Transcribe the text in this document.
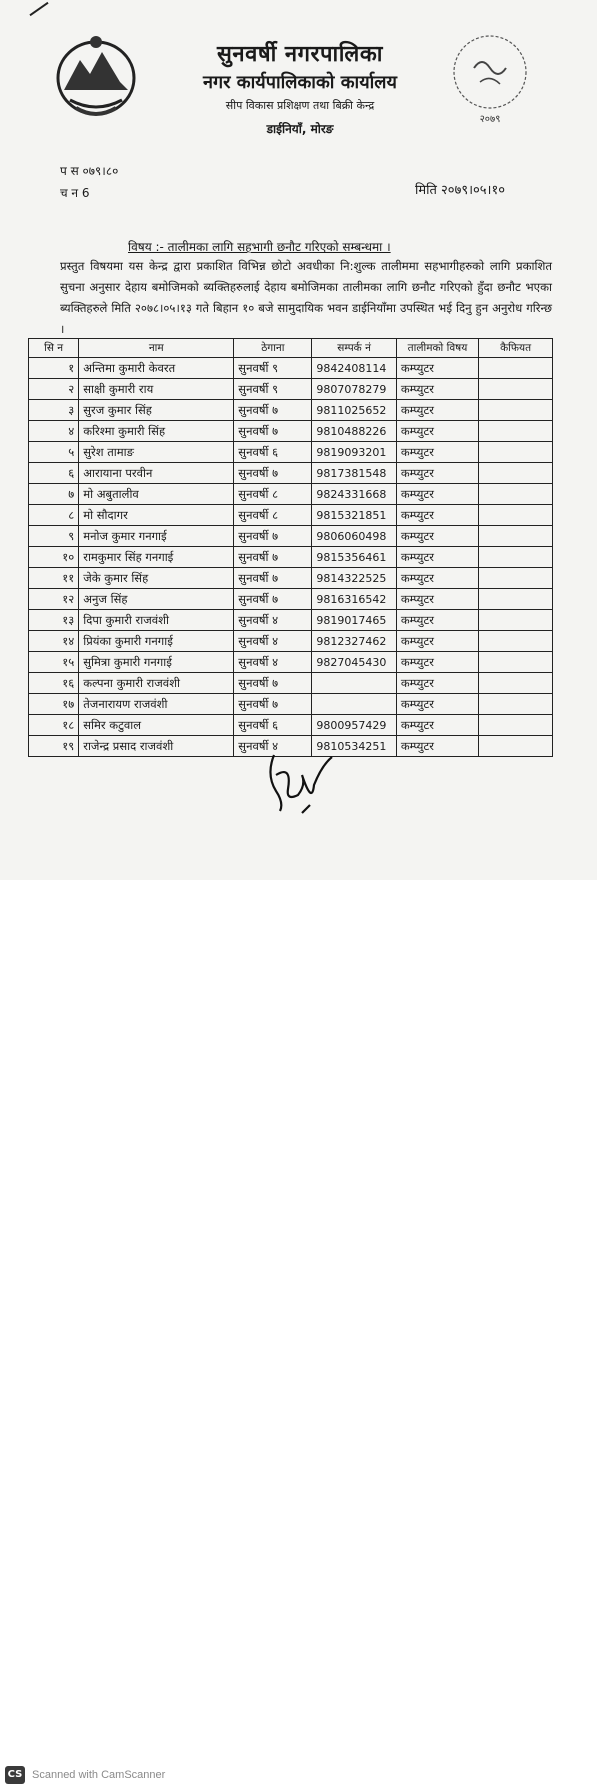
सुनवर्षी नगरपालिका
नगर कार्यपालिकाको कार्यालय
सीप विकास प्रशिक्षण तथा बिक्री केन्द्र
डाईनियाँ, मोरङ
२०७९
प स ०७९।८०
च न 6	मिति २०७९।०५।१०
विषय :- तालीमका लागि सहभागी छनौट गरिएको सम्बन्धमा ।
प्रस्तुत विषयमा यस केन्द्र द्वारा प्रकाशित विभिन्न छोटो अवधीका नि:शुल्क तालीममा सहभागीहरुको लागि प्रकाशित सुचना अनुसार देहाय बमोजिमको ब्यक्तिहरुलाई देहाय बमोजिमका तालीमका लागि छनौट गरिएको हुँदा छनौट भएका ब्यक्तिहरुले मिति २०७८।०५।१३ गते बिहान १० बजे सामुदायिक भवन डाईनियाँमा उपस्थित भई दिनु हुन अनुरोध गरिन्छ ।
सि न	नाम	ठेगाना	सम्पर्क नं	तालीमको विषय	कैफियत
१	अन्तिमा कुमारी केवरत	सुनवर्षी ९	9842408114	कम्प्युटर	
२	साक्षी कुमारी राय	सुनवर्षी ९	9807078279	कम्प्युटर	
३	सुरज कुमार सिंह	सुनवर्षी ७	9811025652	कम्प्युटर	
४	करिश्मा कुमारी सिंह	सुनवर्षी ७	9810488226	कम्प्युटर	
५	सुरेश तामाङ	सुनवर्षी ६	9819093201	कम्प्युटर	
६	आरायाना परवीन	सुनवर्षी ७	9817381548	कम्प्युटर	
७	मो अबुतालीव	सुनवर्षी ८	9824331668	कम्प्युटर	
८	मो सौदागर	सुनवर्षी ८	9815321851	कम्प्युटर	
९	मनोज कुमार गनगाई	सुनवर्षी ७	9806060498	कम्प्युटर	
१०	रामकुमार सिंह गनगाई	सुनवर्षी ७	9815356461	कम्प्युटर	
११	जेके कुमार सिंह	सुनवर्षी ७	9814322525	कम्प्युटर	
१२	अनुज सिंह	सुनवर्षी ७	9816316542	कम्प्युटर	
१३	दिपा कुमारी राजवंशी	सुनवर्षी ४	9819017465	कम्प्युटर	
१४	प्रियंका कुमारी गनगाई	सुनवर्षी ४	9812327462	कम्प्युटर	
१५	सुमित्रा कुमारी गनगाई	सुनवर्षी ४	9827045430	कम्प्युटर	
१६	कल्पना कुमारी राजवंशी	सुनवर्षी ७		कम्प्युटर	
१७	तेजनारायण राजवंशी	सुनवर्षी ७		कम्प्युटर	
१८	समिर कटुवाल	सुनवर्षी ६	9800957429	कम्प्युटर	
१९	राजेन्द्र प्रसाद राजवंशी	सुनवर्षी ४	9810534251	कम्प्युटर	
CS Scanned with CamScanner
